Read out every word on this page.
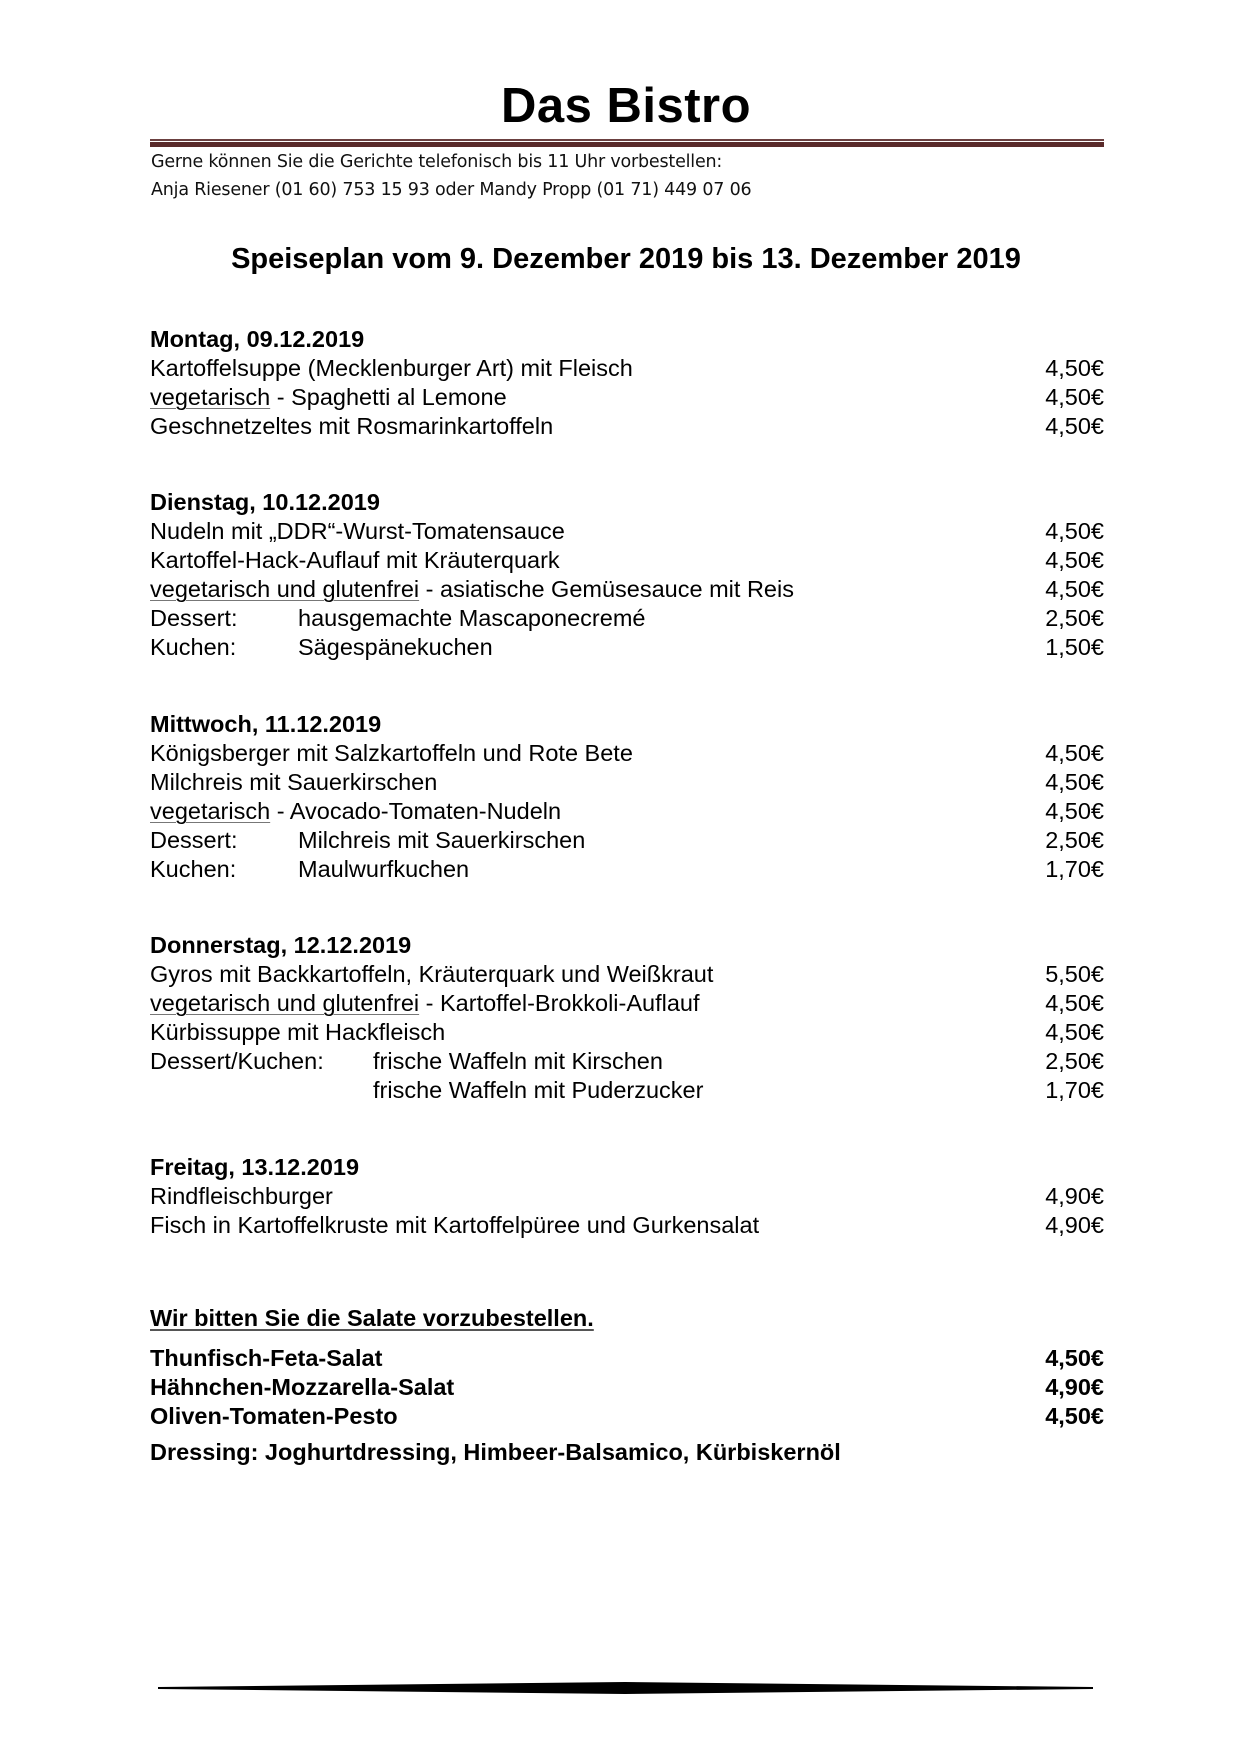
Das Bistro
Gerne können Sie die Gerichte telefonisch bis 11 Uhr vorbestellen:
Anja Riesener (01 60) 753 15 93 oder Mandy Propp (01 71) 449 07 06
Speiseplan vom 9. Dezember 2019 bis 13. Dezember 2019
Montag, 09.12.2019
Kartoffelsuppe (Mecklenburger Art) mit Fleisch	4,50€
vegetarisch - Spaghetti al Lemone	4,50€
Geschnetzeltes mit Rosmarinkartoffeln	4,50€
Dienstag, 10.12.2019
Nudeln mit „DDR“-Wurst-Tomatensauce	4,50€
Kartoffel-Hack-Auflauf mit Kräuterquark	4,50€
vegetarisch und glutenfrei - asiatische Gemüsesauce mit Reis	4,50€
Dessert:	hausgemachte Mascaponecremé	2,50€
Kuchen:	Sägespänekuchen	1,50€
Mittwoch, 11.12.2019
Königsberger mit Salzkartoffeln und Rote Bete	4,50€
Milchreis mit Sauerkirschen	4,50€
vegetarisch - Avocado-Tomaten-Nudeln	4,50€
Dessert:	Milchreis mit Sauerkirschen	2,50€
Kuchen:	Maulwurfkuchen	1,70€
Donnerstag, 12.12.2019
Gyros mit Backkartoffeln, Kräuterquark und Weißkraut	5,50€
vegetarisch und glutenfrei - Kartoffel-Brokkoli-Auflauf	4,50€
Kürbissuppe mit Hackfleisch	4,50€
Dessert/Kuchen: frische Waffeln mit Kirschen	2,50€
frische Waffeln mit Puderzucker	1,70€
Freitag, 13.12.2019
Rindfleischburger	4,90€
Fisch in Kartoffelkruste mit Kartoffelpüree und Gurkensalat	4,90€
Wir bitten Sie die Salate vorzubestellen.
Thunfisch-Feta-Salat	4,50€
Hähnchen-Mozzarella-Salat	4,90€
Oliven-Tomaten-Pesto	4,50€
Dressing: Joghurtdressing, Himbeer-Balsamico, Kürbiskernöl
